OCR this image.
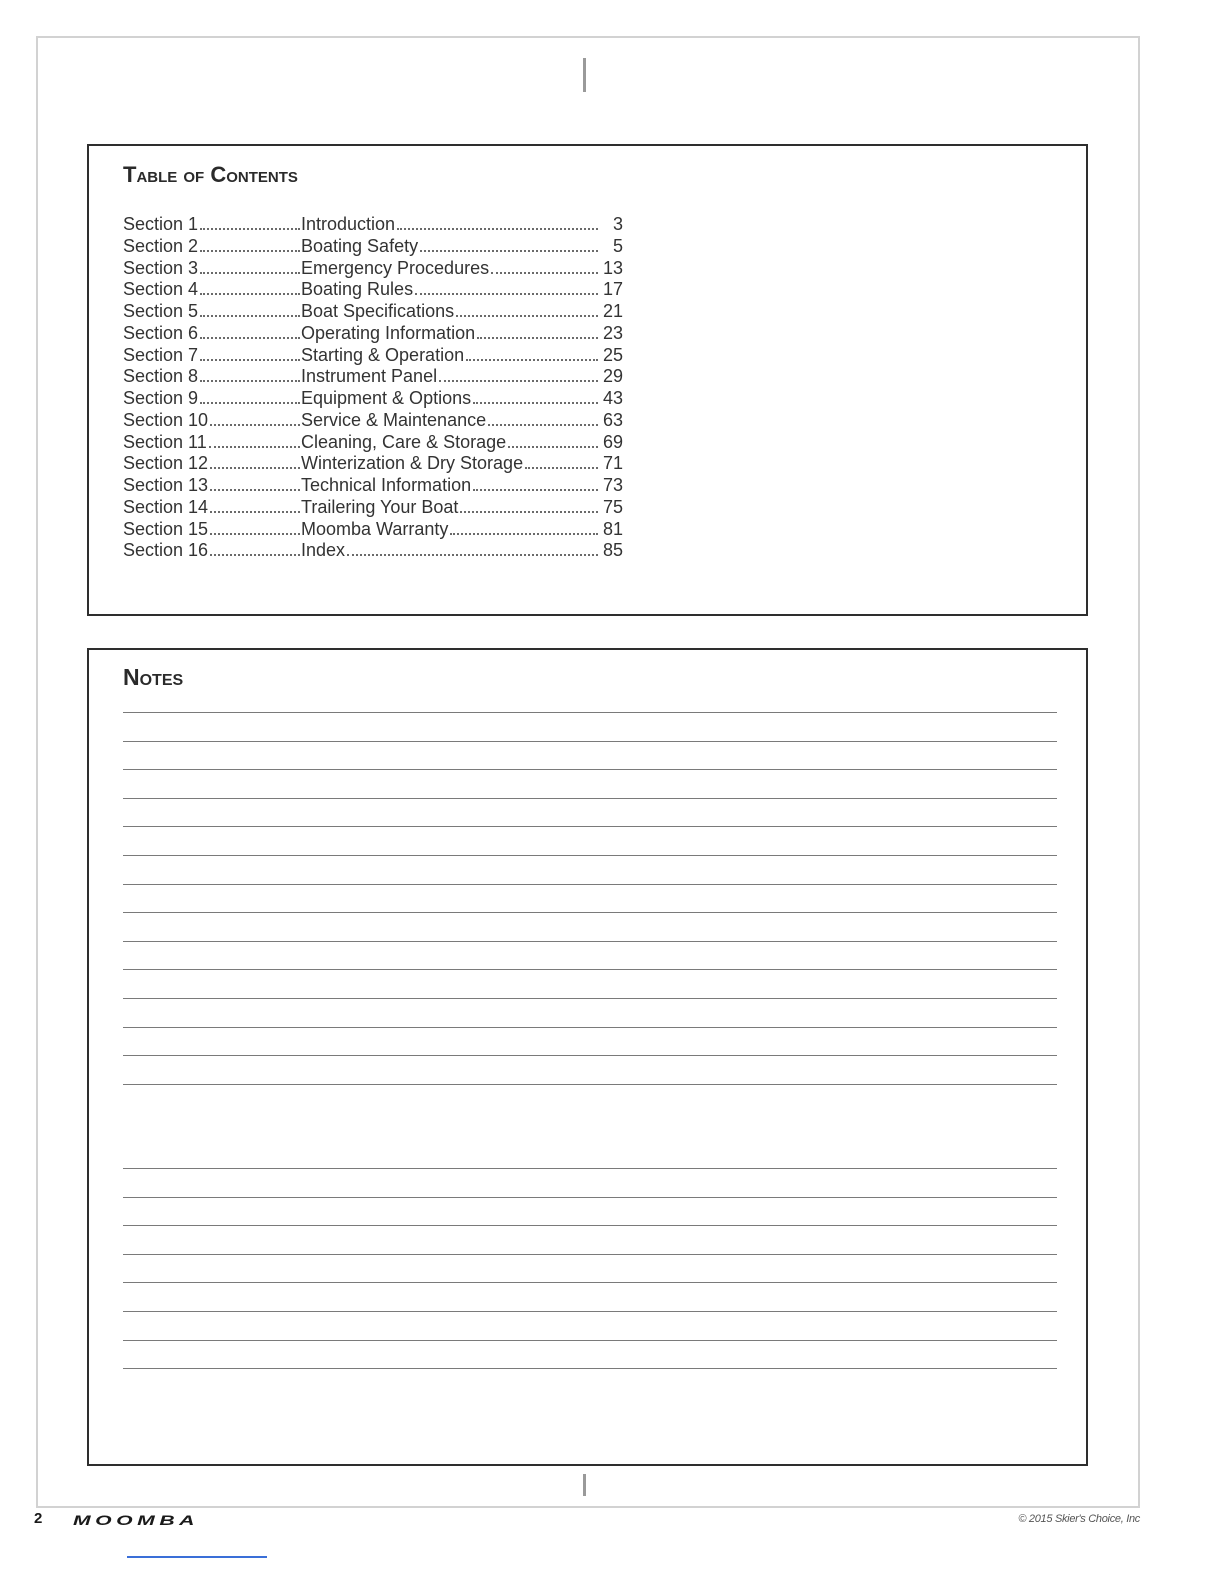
Table of Contents
Section 1	Introduction	3
Section 2	Boating Safety	5
Section 3	Emergency Procedures	13
Section 4	Boating Rules	17
Section 5	Boat Specifications	21
Section 6	Operating Information	23
Section 7	Starting & Operation	25
Section 8	Instrument Panel	29
Section 9	Equipment & Options	43
Section 10	Service & Maintenance	63
Section 11	Cleaning, Care & Storage	69
Section 12	Winterization & Dry Storage	71
Section 13	Technical Information	73
Section 14	Trailering Your Boat	75
Section 15	Moomba Warranty	81
Section 16	Index	85
Notes
2 MOOMBA	© 2015 Skier's Choice, Inc
